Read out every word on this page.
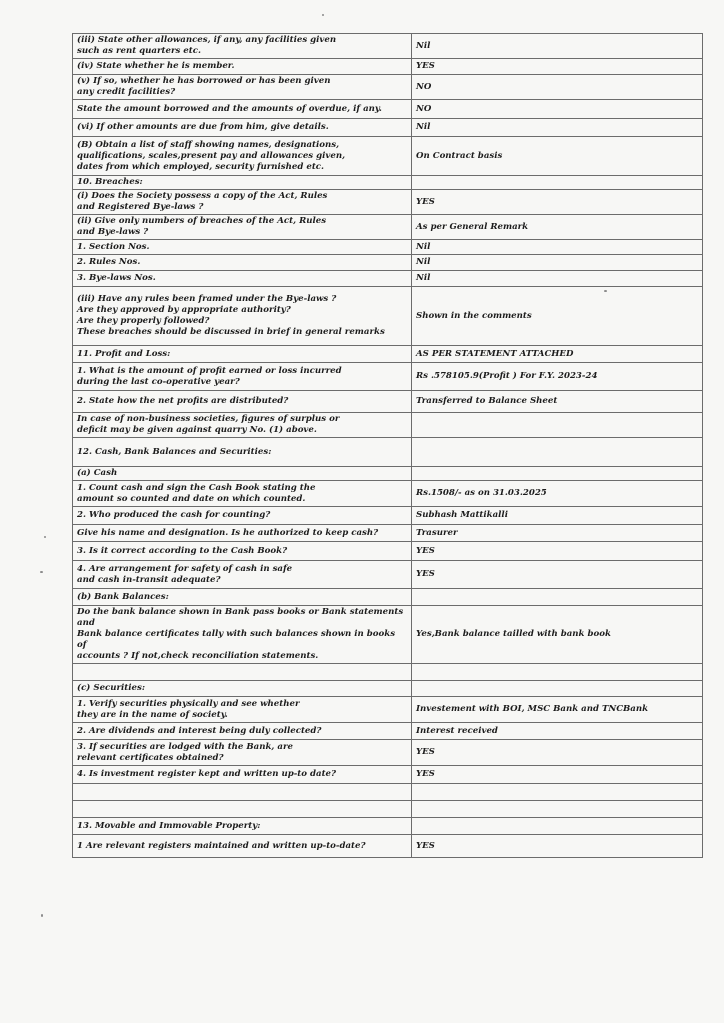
(iii) State other allowances, if any, any facilities given
such as rent quarters etc.	Nil
(iv) State whether he is member.	YES
(v) If so, whether he has borrowed or has been given
any credit facilities?	NO
State the amount borrowed and the amounts of overdue, if any.	NO
(vi) If other amounts are due from him, give details.	Nil
(B) Obtain a list of staff showing names, designations,
qualifications, scales,present pay and allowances given,
dates from which employed, security furnished etc.	On Contract basis
10. Breaches:	
(i) Does the Society possess a copy of the Act, Rules
and Registered Bye-laws ?	YES
(ii) Give only numbers of breaches of the Act, Rules
and Bye-laws ?	As per General Remark
1. Section Nos.	Nil
2. Rules Nos.	Nil
3. Bye-laws Nos.	Nil
(iii) Have any rules been framed under the Bye-laws ?
Are they approved by appropriate authority?
Are they properly followed?
These breaches should be discussed in brief in general remarks	Shown in the comments
11. Profit and Loss:	AS PER STATEMENT ATTACHED
1. What is the amount of profit earned or loss incurred
during the last co-operative year?	Rs .578105.9(Profit ) For F.Y. 2023-24
2. State how the net profits are distributed?	Transferred to Balance Sheet
In case of non-business societies, figures of surplus or
deficit may be given against quarry No. (1) above.	
12. Cash, Bank Balances and Securities:	
(a) Cash	
1. Count cash and sign the Cash Book stating the
amount so counted and date on which counted.	Rs.1508/- as on 31.03.2025
2. Who produced the cash for counting?	Subhash Mattikalli
Give his name and designation. Is he authorized to keep cash?	Trasurer
3. Is it correct according to the Cash Book?	YES
4. Are arrangement for safety of cash in safe
and cash in-transit adequate?	YES
(b) Bank Balances:	
Do the bank balance shown in Bank pass books or Bank statements and
Bank balance certificates tally with such balances shown in books of
accounts ? If not,check reconciliation statements.	Yes,Bank balance tailled with bank book

(c) Securities:	
1. Verify securities physically and see whether
they are in the name of society.	Investement with BOI, MSC Bank and TNCBank
2. Are dividends and interest being duly collected?	Interest received
3. If securities are lodged with the Bank, are
relevant certificates obtained?	YES
4. Is investment register kept and written up-to date?	YES

13. Movable and Immovable Property:	
1 Are relevant registers maintained and written up-to-date?	YES
